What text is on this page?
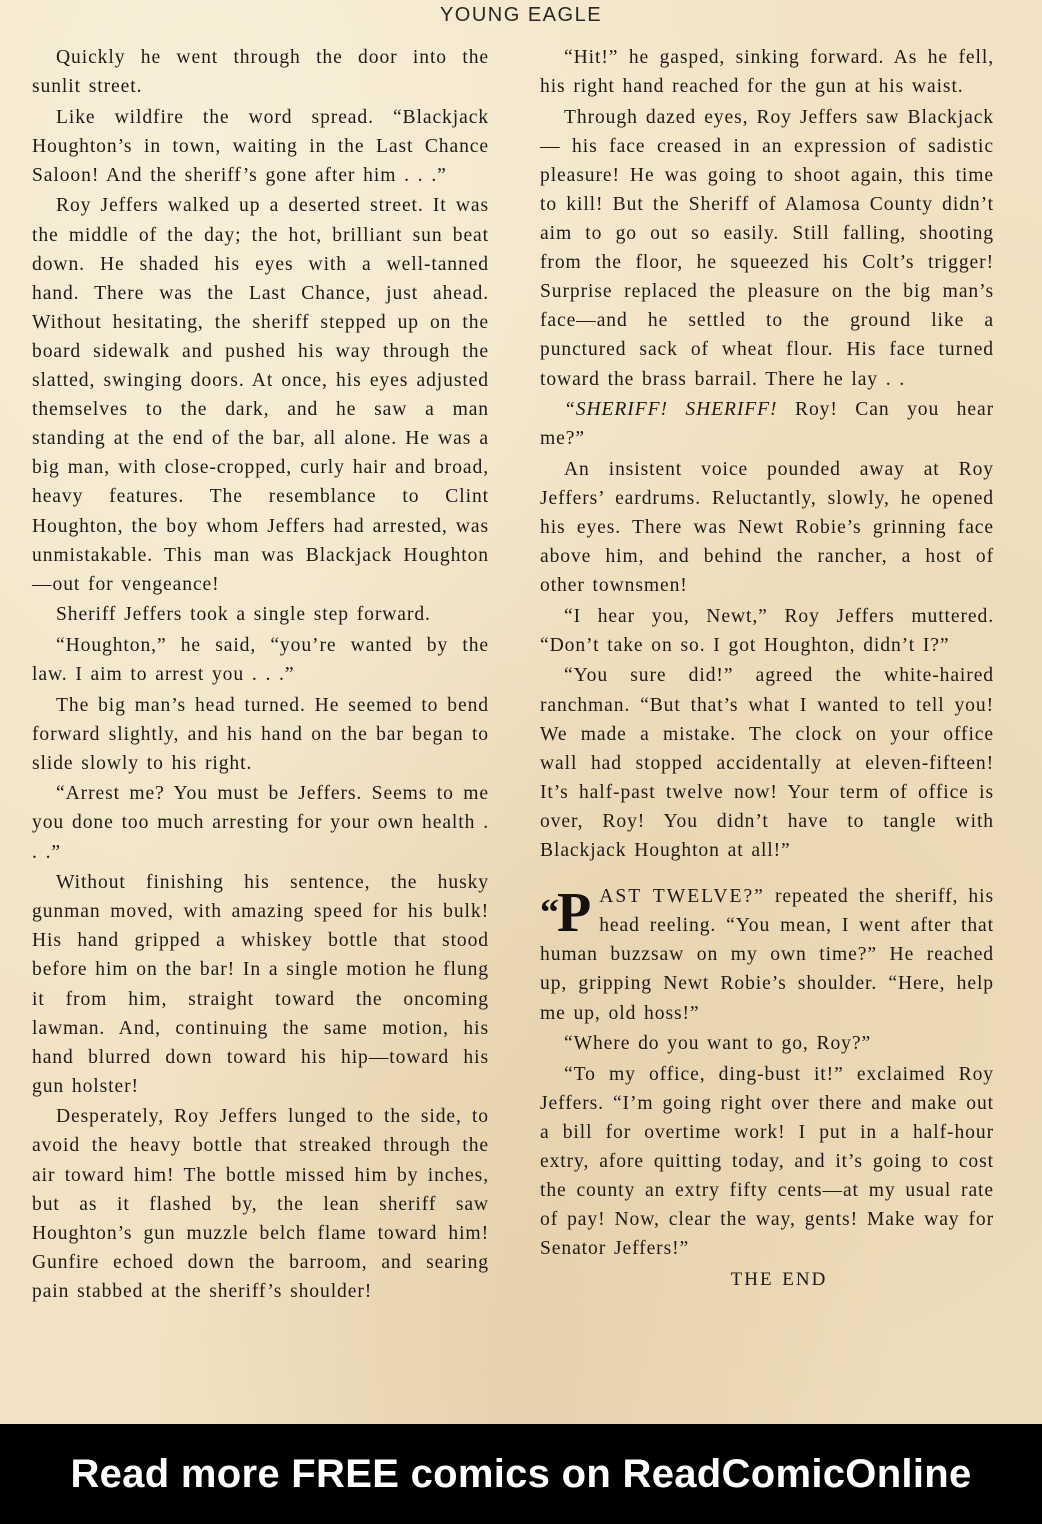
YOUNG EAGLE

Quickly he went through the door into the sunlit street.

Like wildfire the word spread. “Blackjack Houghton’s in town, waiting in the Last Chance Saloon! And the sheriff’s gone after him . . .”

Roy Jeffers walked up a deserted street. It was the middle of the day; the hot, brilliant sun beat down. He shaded his eyes with a well-tanned hand. There was the Last Chance, just ahead. Without hesitating, the sheriff stepped up on the board sidewalk and pushed his way through the slatted, swinging doors. At once, his eyes adjusted themselves to the dark, and he saw a man standing at the end of the bar, all alone. He was a big man, with close-cropped, curly hair and broad, heavy features. The resemblance to Clint Houghton, the boy whom Jeffers had arrested, was unmistakable. This man was Blackjack Houghton—out for vengeance!

Sheriff Jeffers took a single step forward.

“Houghton,” he said, “you’re wanted by the law. I aim to arrest you . . .”

The big man’s head turned. He seemed to bend forward slightly, and his hand on the bar began to slide slowly to his right.

“Arrest me? You must be Jeffers. Seems to me you done too much arresting for your own health . . .”

Without finishing his sentence, the husky gunman moved, with amazing speed for his bulk! His hand gripped a whiskey bottle that stood before him on the bar! In a single motion he flung it from him, straight toward the oncoming lawman. And, continuing the same motion, his hand blurred down toward his hip—toward his gun holster!

Desperately, Roy Jeffers lunged to the side, to avoid the heavy bottle that streaked through the air toward him! The bottle missed him by inches, but as it flashed by, the lean sheriff saw Houghton’s gun muzzle belch flame toward him! Gunfire echoed down the barroom, and searing pain stabbed at the sheriff’s shoulder!

“Hit!” he gasped, sinking forward. As he fell, his right hand reached for the gun at his waist.

Through dazed eyes, Roy Jeffers saw Blackjack — his face creased in an expression of sadistic pleasure! He was going to shoot again, this time to kill! But the Sheriff of Alamosa County didn’t aim to go out so easily. Still falling, shooting from the floor, he squeezed his Colt’s trigger! Surprise replaced the pleasure on the big man’s face—and he settled to the ground like a punctured sack of wheat flour. His face turned toward the brass barrail. There he lay . .

“SHERIFF! SHERIFF! Roy! Can you hear me?”

An insistent voice pounded away at Roy Jeffers’ eardrums. Reluctantly, slowly, he opened his eyes. There was Newt Robie’s grinning face above him, and behind the rancher, a host of other townsmen!

“I hear you, Newt,” Roy Jeffers muttered. “Don’t take on so. I got Houghton, didn’t I?”

“You sure did!” agreed the white-haired ranchman. “But that’s what I wanted to tell you! We made a mistake. The clock on your office wall had stopped accidentally at eleven-fifteen! It’s half-past twelve now! Your term of office is over, Roy! You didn’t have to tangle with Blackjack Houghton at all!”

“P AST TWELVE?” repeated the sheriff, his head reeling. “You mean, I went after that human buzzsaw on my own time?” He reached up, gripping Newt Robie’s shoulder. “Here, help me up, old hoss!”

“Where do you want to go, Roy?”

“To my office, ding-bust it!” exclaimed Roy Jeffers. “I’m going right over there and make out a bill for overtime work! I put in a half-hour extry, afore quitting today, and it’s going to cost the county an extry fifty cents—at my usual rate of pay! Now, clear the way, gents! Make way for Senator Jeffers!”

THE END

Read more FREE comics on ReadComicOnline
